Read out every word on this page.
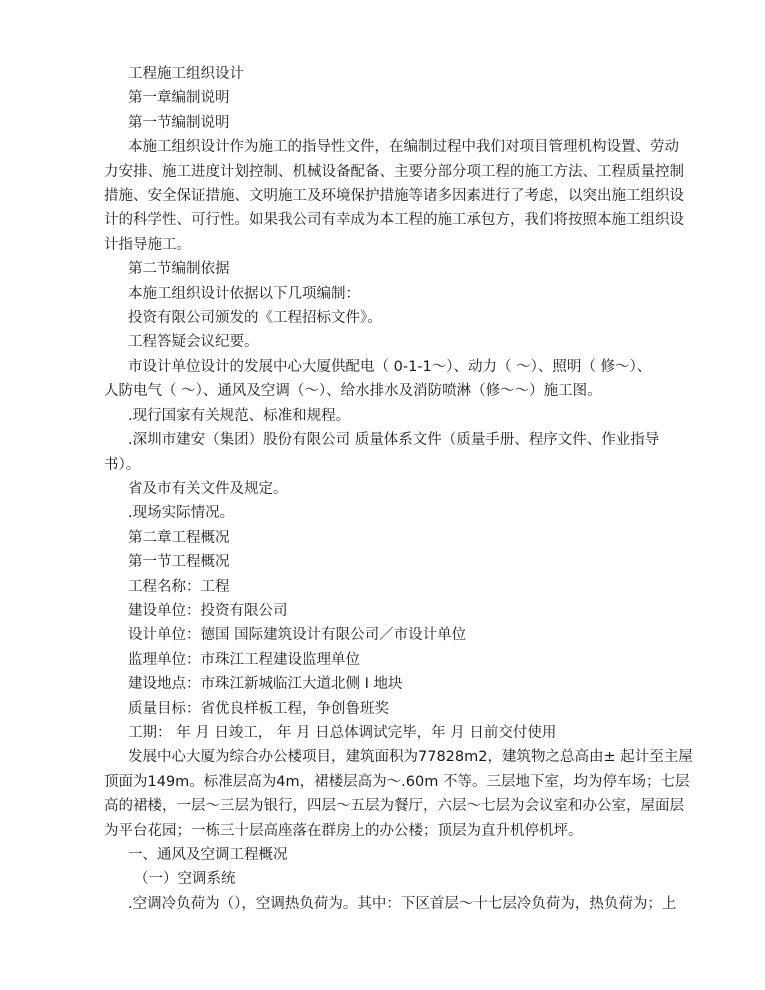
工程施工组织设计
第一章编制说明
第一节编制说明
本施工组织设计作为施工的指导性文件，在编制过程中我们对项目管理机构设置、劳动
力安排、施工进度计划控制、机械设备配备、主要分部分项工程的施工方法、工程质量控制
措施、安全保证措施、文明施工及环境保护措施等诸多因素进行了考虑，以突出施工组织设
计的科学性、可行性。如果我公司有幸成为本工程的施工承包方，我们将按照本施工组织设
计指导施工。
第二节编制依据
本施工组织设计依据以下几项编制：
投资有限公司颁发的《工程招标文件》。
工程答疑会议纪要。
市设计单位设计的发展中心大厦供配电（ 0-1-1～）、动力（ ～）、照明（ 修～）、
人防电气（ ～）、通风及空调（～）、给水排水及消防喷淋（修～～）施工图。
.现行国家有关规范、标准和规程。
.深圳市建安（集团）股份有限公司 质量体系文件（质量手册、程序文件、作业指导
书）。
省及市有关文件及规定。
.现场实际情况。
第二章工程概况
第一节工程概况
工程名称：工程
建设单位：投资有限公司
设计单位：德国 国际建筑设计有限公司／市设计单位
监理单位：市珠江工程建设监理单位
建设地点：市珠江新城临江大道北侧 I 地块
质量目标：省优良样板工程，争创鲁班奖
工期： 年 月 日竣工， 年 月 日总体调试完毕，年 月 日前交付使用
发展中心大厦为综合办公楼项目，建筑面积为77828m2，建筑物之总高由± 起计至主屋
顶面为149m。标准层高为4m，裙楼层高为～.60m 不等。三层地下室，均为停车场；七层
高的裙楼，一层～三层为银行，四层～五层为餐厅，六层～七层为会议室和办公室，屋面层
为平台花园；一栋三十层高座落在群房上的办公楼；顶层为直升机停机坪。
一、通风及空调工程概况
（一）空调系统
.空调冷负荷为（），空调热负荷为。其中：下区首层～十七层冷负荷为，热负荷为；上
